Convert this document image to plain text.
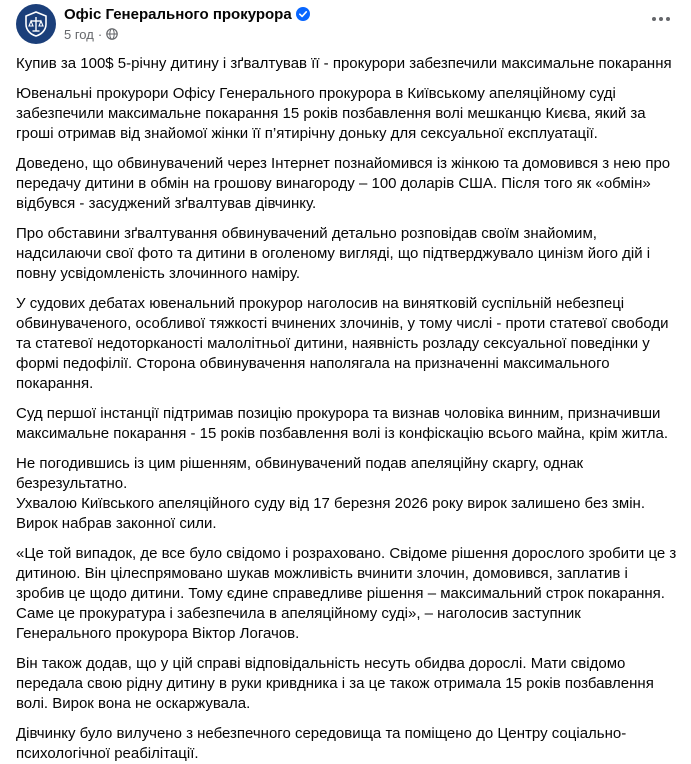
Офіс Генерального прокурора
5 год ·

Купив за 100$ 5-річну дитину і зґвалтував її - прокурори забезпечили максимальне покарання

Ювенальні прокурори Офісу Генерального прокурора в Київському апеляційному суді забезпечили максимальне покарання 15 років позбавлення волі мешканцю Києва, який за гроші отримав від знайомої жінки її п’ятирічну доньку для сексуальної експлуатації.

Доведено, що обвинувачений через Інтернет познайомився із жінкою та домовився з нею про передачу дитини в обмін на грошову винагороду – 100 доларів США. Після того як «обмін» відбувся - засуджений зґвалтував дівчинку.

Про обставини зґвалтування обвинувачений детально розповідав своїм знайомим, надсилаючи свої фото та дитини в оголеному вигляді, що підтверджувало цинізм його дій і повну усвідомленість злочинного наміру.

У судових дебатах ювенальний прокурор наголосив на винятковій суспільній небезпеці обвинуваченого, особливої тяжкості вчинених злочинів, у тому числі - проти статевої свободи та статевої недоторканості малолітньої дитини, наявність розладу сексуальної поведінки у формі педофілії. Сторона обвинувачення наполягала на призначенні максимального покарання.

Суд першої інстанції підтримав позицію прокурора та визнав чоловіка винним, призначивши максимальне покарання - 15 років позбавлення волі із конфіскацію всього майна, крім житла.

Не погодившись із цим рішенням, обвинувачений подав апеляційну скаргу, однак безрезультатно.
Ухвалою Київського апеляційного суду від 17 березня 2026 року вирок залишено без змін. Вирок набрав законної сили.

«Це той випадок, де все було свідомо і розраховано. Свідоме рішення дорослого зробити це з дитиною. Він цілеспрямовано шукав можливість вчинити злочин, домовився, заплатив і зробив це щодо дитини. Тому єдине справедливе рішення – максимальний строк покарання. Саме це прокуратура і забезпечила в апеляційному суді», – наголосив заступник Генерального прокурора Віктор Логачов.

Він також додав, що у цій справі відповідальність несуть обидва дорослі. Мати свідомо передала свою рідну дитину в руки кривдника і за це також отримала 15 років позбавлення волі. Вирок вона не оскаржувала.

Дівчинку було вилучено з небезпечного середовища та поміщено до Центру соціально-психологічної реабілітації.
